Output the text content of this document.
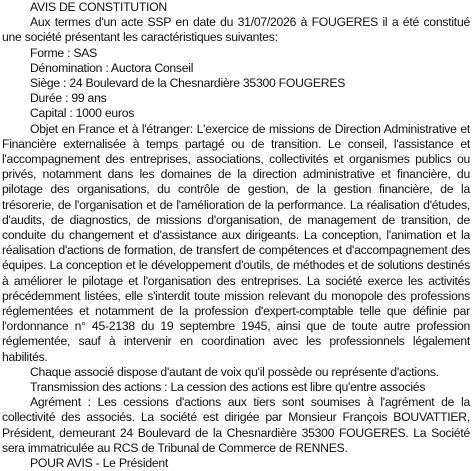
AVIS DE CONSTITUTION

Aux termes d'un acte SSP en date du 31/07/2026 à FOUGERES il a été constitué une société présentant les caractéristiques suivantes:

Forme : SAS

Dénomination : Auctora Conseil

Siège : 24 Boulevard de la Chesnardière 35300 FOUGERES

Durée : 99 ans

Capital : 1000 euros

Objet en France et à l'étranger: L'exercice de missions de Direction Administrative et Financière externalisée à temps partagé ou de transition. Le conseil, l'assistance et l'accompagnement des entreprises, associations, collectivités et organismes publics ou privés, notamment dans les domaines de la direction administrative et financière, du pilotage des organisations, du contrôle de gestion, de la gestion financière, de la trésorerie, de l'organisation et de l'amélioration de la performance. La réalisation d'études, d'audits, de diagnostics, de missions d'organisation, de management de transition, de conduite du changement et d'assistance aux dirigeants. La conception, l'animation et la réalisation d'actions de formation, de transfert de compétences et d'accompagnement des équipes. La conception et le développement d'outils, de méthodes et de solutions destinés à améliorer le pilotage et l'organisation des entreprises. La société exerce les activités précédemment listées, elle s'interdit toute mission relevant du monopole des professions réglementées et notamment de la profession d'expert-comptable telle que définie par l'ordonnance n° 45-2138 du 19 septembre 1945, ainsi que de toute autre profession réglementée, sauf à intervenir en coordination avec les professionnels légalement habilités.

Chaque associé dispose d'autant de voix qu'il possède ou représente d'actions.

Transmission des actions : La cession des actions est libre qu'entre associés

Agrément : Les cessions d'actions aux tiers sont soumises à l'agrément de la collectivité des associés. La société est dirigée par Monsieur François BOUVATTIER, Président, demeurant 24 Boulevard de la Chesnardière 35300 FOUGERES. La Société sera immatriculée au RCS de Tribunal de Commerce de RENNES.

POUR AVIS - Le Président
